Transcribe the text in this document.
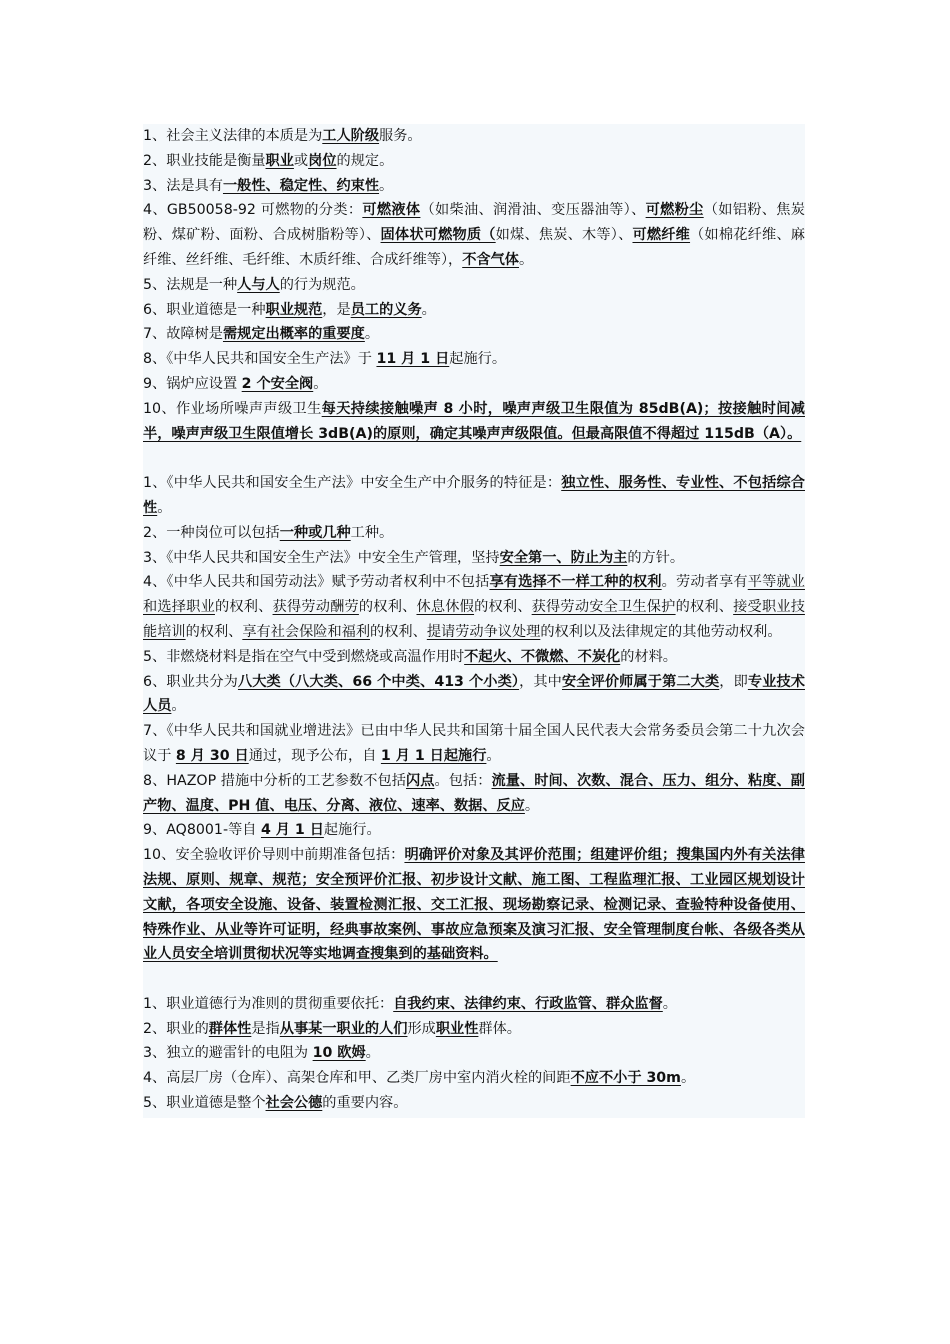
1、社会主义法律的本质是为工人阶级服务。

2、职业技能是衡量职业或岗位的规定。

3、法是具有一般性、稳定性、约束性。

4、GB50058-92 可燃物的分类：可燃液体（如柴油、润滑油、变压器油等）、可燃粉尘（如铝粉、焦炭粉、煤矿粉、面粉、合成树脂粉等）、固体状可燃物质（如煤、焦炭、木等）、可燃纤维（如棉花纤维、麻纤维、丝纤维、毛纤维、木质纤维、合成纤维等），不含气体。

5、法规是一种人与人的行为规范。

6、职业道德是一种职业规范，是员工的义务。

7、故障树是需规定出概率的重要度。

8、《中华人民共和国安全生产法》于 11 月 1 日起施行。

9、锅炉应设置 2 个安全阀。

10、作业场所噪声声级卫生每天持续接触噪声 8 小时，噪声声级卫生限值为 85dB(A)；按接触时间减半，噪声声级卫生限值增长 3dB(A)的原则，确定其噪声声级限值。但最高限值不得超过 115dB（A）。

1、《中华人民共和国安全生产法》中安全生产中介服务的特征是：独立性、服务性、专业性、不包括综合性。

2、一种岗位可以包括一种或几种工种。

3、《中华人民共和国安全生产法》中安全生产管理，坚持安全第一、防止为主的方针。

4、《中华人民共和国劳动法》赋予劳动者权利中不包括享有选择不一样工种的权利。劳动者享有平等就业和选择职业的权利、获得劳动酬劳的权利、休息休假的权利、获得劳动安全卫生保护的权利、接受职业技能培训的权利、享有社会保险和福利的权利、提请劳动争议处理的权利以及法律规定的其他劳动权利。

5、非燃烧材料是指在空气中受到燃烧或高温作用时不起火、不微燃、不炭化的材料。

6、职业共分为八大类（八大类、66 个中类、413 个小类），其中安全评价师属于第二大类，即专业技术人员。

7、《中华人民共和国就业增进法》已由中华人民共和国第十届全国人民代表大会常务委员会第二十九次会议于 8 月 30 日通过，现予公布，自 1 月 1 日起施行。

8、HAZOP 措施中分析的工艺参数不包括闪点。包括：流量、时间、次数、混合、压力、组分、粘度、副产物、温度、PH 值、电压、分离、液位、速率、数据、反应。

9、AQ8001-等自 4 月 1 日起施行。

10、安全验收评价导则中前期准备包括：明确评价对象及其评价范围；组建评价组；搜集国内外有关法律法规、原则、规章、规范；安全预评价汇报、初步设计文献、施工图、工程监理汇报、工业园区规划设计文献，各项安全设施、设备、装置检测汇报、交工汇报、现场勘察记录、检测记录、查验特种设备使用、特殊作业、从业等许可证明，经典事故案例、事故应急预案及演习汇报、安全管理制度台帐、各级各类从业人员安全培训贯彻状况等实地调查搜集到的基础资料。

1、职业道德行为准则的贯彻重要依托：自我约束、法律约束、行政监管、群众监督。

2、职业的群体性是指从事某一职业的人们形成职业性群体。

3、独立的避雷针的电阻为 10 欧姆。

4、高层厂房（仓库）、高架仓库和甲、乙类厂房中室内消火栓的间距不应不小于 30m。

5、职业道德是整个社会公德的重要内容。
